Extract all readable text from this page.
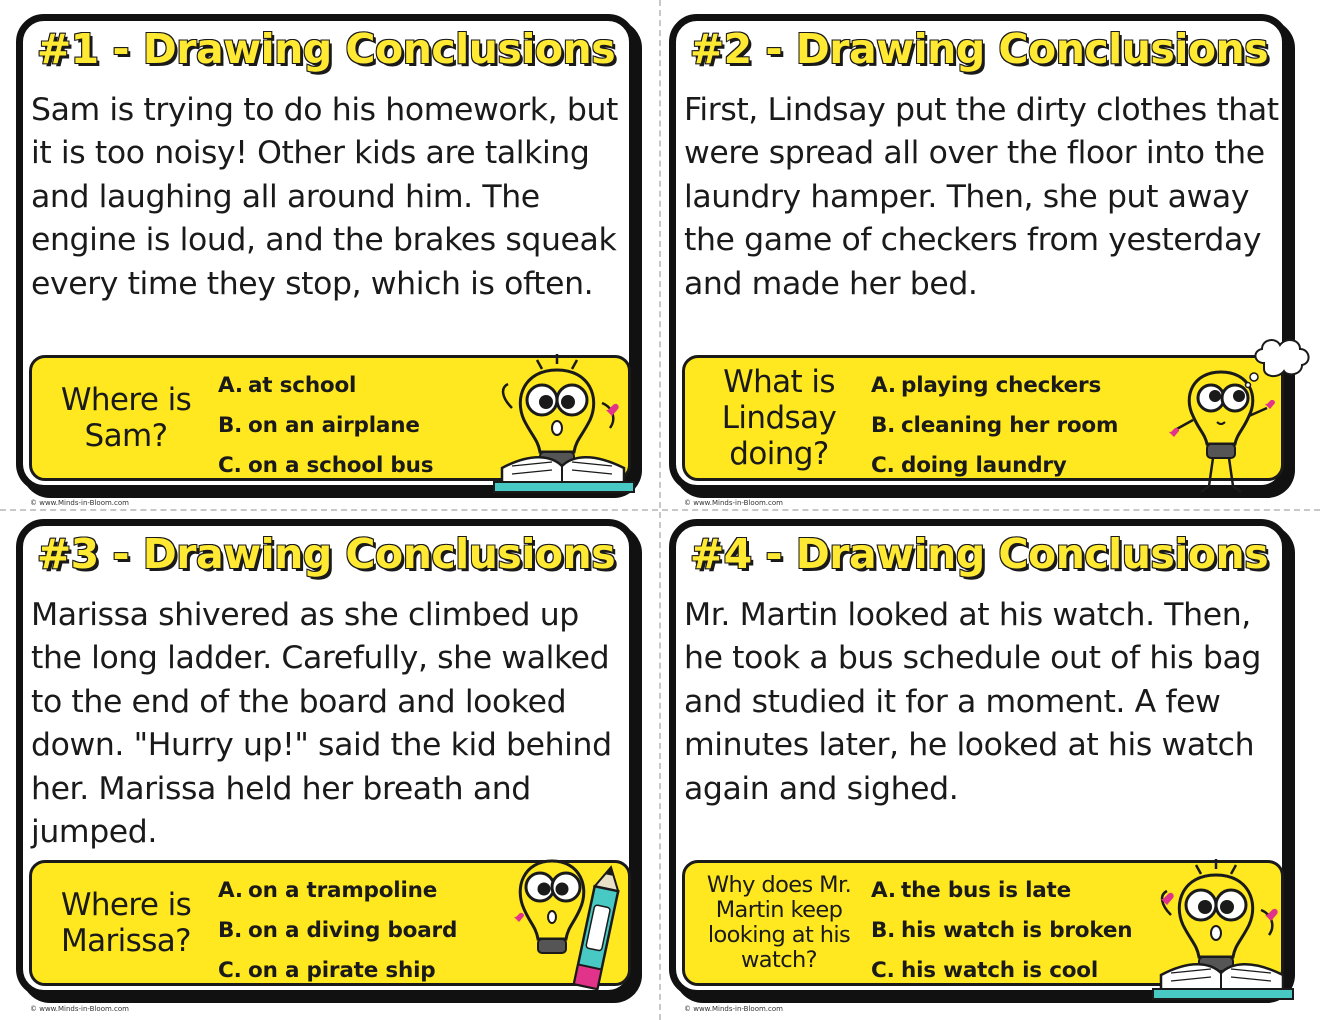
#1 - Drawing Conclusions
Sam is trying to do his homework, but it is too noisy! Other kids are talking and laughing all around him. The engine is loud, and the brakes squeak every time they stop, which is often.
Where is Sam?
A. at school
B. on an airplane
C. on a school bus
© www.Minds-in-Bloom.com
#2 - Drawing Conclusions
First, Lindsay put the dirty clothes that were spread all over the floor into the laundry hamper. Then, she put away the game of checkers from yesterday and made her bed.
What is Lindsay doing?
A. playing checkers
B. cleaning her room
C. doing laundry
© www.Minds-in-Bloom.com
#3 - Drawing Conclusions
Marissa shivered as she climbed up the long ladder. Carefully, she walked to the end of the board and looked down. "Hurry up!" said the kid behind her. Marissa held her breath and jumped.
Where is Marissa?
A. on a trampoline
B. on a diving board
C. on a pirate ship
© www.Minds-in-Bloom.com
#4 - Drawing Conclusions
Mr. Martin looked at his watch. Then, he took a bus schedule out of his bag and studied it for a moment. A few minutes later, he looked at his watch again and sighed.
Why does Mr. Martin keep looking at his watch?
A. the bus is late
B. his watch is broken
C. his watch is cool
© www.Minds-in-Bloom.com
